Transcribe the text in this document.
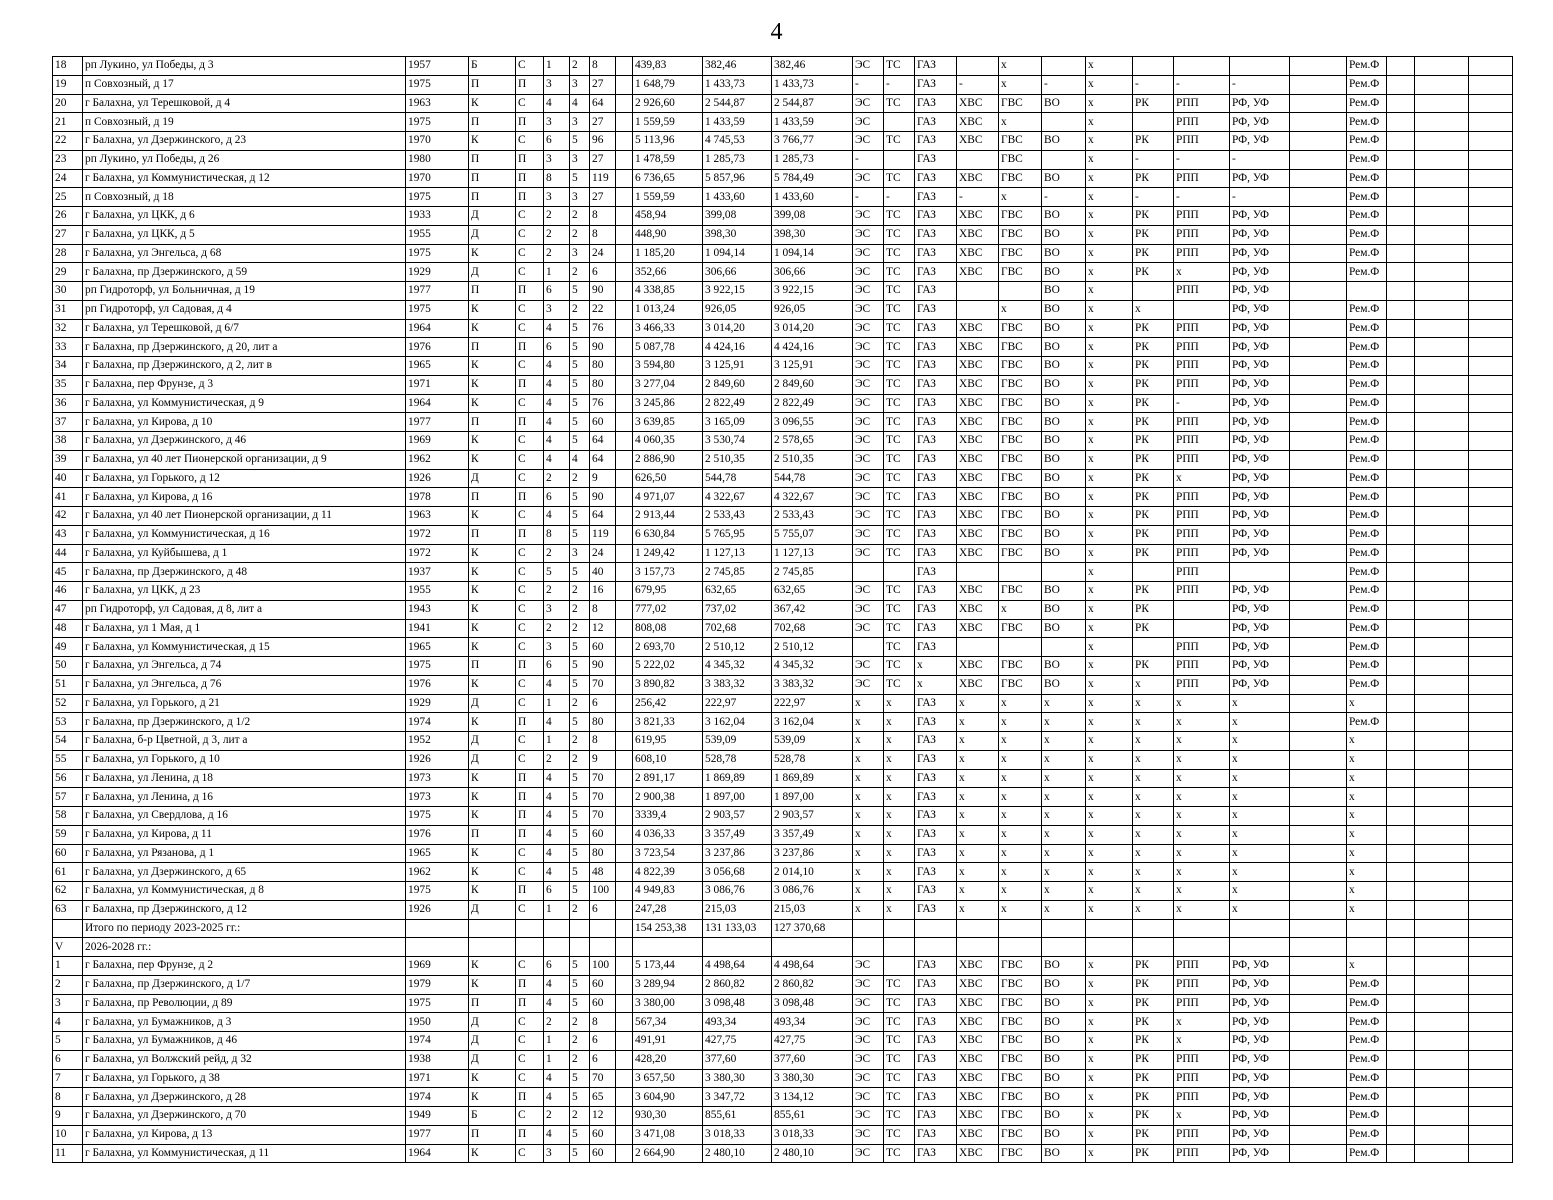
4
18	рп Лукино, ул Победы, д 3	1957	Б	С	1	2	8		439,83	382,46	382,46	ЭС	ТС	ГАЗ		х		х					Рем.Ф			
19	п Совхозный, д 17	1975	П	П	3	3	27		1 648,79	1 433,73	1 433,73	-	-	ГАЗ	-	х	-	х	-	-	-		Рем.Ф			
20	г Балахна, ул Терешковой, д 4	1963	К	С	4	4	64		2 926,60	2 544,87	2 544,87	ЭС	ТС	ГАЗ	ХВС	ГВС	ВО	х	РК	РПП	РФ, УФ		Рем.Ф			
21	п Совхозный, д 19	1975	П	П	3	3	27		1 559,59	1 433,59	1 433,59	ЭС		ГАЗ	ХВС	х		х		РПП	РФ, УФ		Рем.Ф			
22	г Балахна, ул Дзержинского, д 23	1970	К	С	6	5	96		5 113,96	4 745,53	3 766,77	ЭС	ТС	ГАЗ	ХВС	ГВС	ВО	х	РК	РПП	РФ, УФ		Рем.Ф			
23	рп Лукино, ул Победы, д 26	1980	П	П	3	3	27		1 478,59	1 285,73	1 285,73	-		ГАЗ		ГВС		х	-	-	-		Рем.Ф			
24	г Балахна, ул Коммунистическая, д 12	1970	П	П	8	5	119		6 736,65	5 857,96	5 784,49	ЭС	ТС	ГАЗ	ХВС	ГВС	ВО	х	РК	РПП	РФ, УФ		Рем.Ф			
25	п Совхозный, д 18	1975	П	П	3	3	27		1 559,59	1 433,60	1 433,60	-	-	ГАЗ	-	х	-	х	-	-	-		Рем.Ф			
26	г Балахна, ул ЦКК, д 6	1933	Д	С	2	2	8		458,94	399,08	399,08	ЭС	ТС	ГАЗ	ХВС	ГВС	ВО	х	РК	РПП	РФ, УФ		Рем.Ф			
27	г Балахна, ул ЦКК, д 5	1955	Д	С	2	2	8		448,90	398,30	398,30	ЭС	ТС	ГАЗ	ХВС	ГВС	ВО	х	РК	РПП	РФ, УФ		Рем.Ф			
28	г Балахна, ул Энгельса, д 68	1975	К	С	2	3	24		1 185,20	1 094,14	1 094,14	ЭС	ТС	ГАЗ	ХВС	ГВС	ВО	х	РК	РПП	РФ, УФ		Рем.Ф			
29	г Балахна, пр Дзержинского, д 59	1929	Д	С	1	2	6		352,66	306,66	306,66	ЭС	ТС	ГАЗ	ХВС	ГВС	ВО	х	РК	х	РФ, УФ		Рем.Ф			
30	рп Гидроторф, ул Больничная, д 19	1977	П	П	6	5	90		4 338,85	3 922,15	3 922,15	ЭС	ТС	ГАЗ			ВО	х		РПП	РФ, УФ					
31	рп Гидроторф, ул Садовая, д 4	1975	К	С	3	2	22		1 013,24	926,05	926,05	ЭС	ТС	ГАЗ		х	ВО	х	х		РФ, УФ		Рем.Ф			
32	г Балахна, ул Терешковой, д 6/7	1964	К	С	4	5	76		3 466,33	3 014,20	3 014,20	ЭС	ТС	ГАЗ	ХВС	ГВС	ВО	х	РК	РПП	РФ, УФ		Рем.Ф			
33	г Балахна, пр Дзержинского, д 20, лит а	1976	П	П	6	5	90		5 087,78	4 424,16	4 424,16	ЭС	ТС	ГАЗ	ХВС	ГВС	ВО	х	РК	РПП	РФ, УФ		Рем.Ф			
34	г Балахна, пр Дзержинского, д 2, лит в	1965	К	С	4	5	80		3 594,80	3 125,91	3 125,91	ЭС	ТС	ГАЗ	ХВС	ГВС	ВО	х	РК	РПП	РФ, УФ		Рем.Ф			
35	г Балахна, пер Фрунзе, д 3	1971	К	П	4	5	80		3 277,04	2 849,60	2 849,60	ЭС	ТС	ГАЗ	ХВС	ГВС	ВО	х	РК	РПП	РФ, УФ		Рем.Ф			
36	г Балахна, ул Коммунистическая, д 9	1964	К	С	4	5	76		3 245,86	2 822,49	2 822,49	ЭС	ТС	ГАЗ	ХВС	ГВС	ВО	х	РК	-	РФ, УФ		Рем.Ф			
37	г Балахна, ул Кирова, д 10	1977	П	П	4	5	60		3 639,85	3 165,09	3 096,55	ЭС	ТС	ГАЗ	ХВС	ГВС	ВО	х	РК	РПП	РФ, УФ		Рем.Ф			
38	г Балахна, ул Дзержинского, д 46	1969	К	С	4	5	64		4 060,35	3 530,74	2 578,65	ЭС	ТС	ГАЗ	ХВС	ГВС	ВО	х	РК	РПП	РФ, УФ		Рем.Ф			
39	г Балахна, ул 40 лет Пионерской организации, д 9	1962	К	С	4	4	64		2 886,90	2 510,35	2 510,35	ЭС	ТС	ГАЗ	ХВС	ГВС	ВО	х	РК	РПП	РФ, УФ		Рем.Ф			
40	г Балахна, ул Горького, д 12	1926	Д	С	2	2	9		626,50	544,78	544,78	ЭС	ТС	ГАЗ	ХВС	ГВС	ВО	х	РК	х	РФ, УФ		Рем.Ф			
41	г Балахна, ул Кирова, д 16	1978	П	П	6	5	90		4 971,07	4 322,67	4 322,67	ЭС	ТС	ГАЗ	ХВС	ГВС	ВО	х	РК	РПП	РФ, УФ		Рем.Ф			
42	г Балахна, ул 40 лет Пионерской организации, д 11	1963	К	С	4	5	64		2 913,44	2 533,43	2 533,43	ЭС	ТС	ГАЗ	ХВС	ГВС	ВО	х	РК	РПП	РФ, УФ		Рем.Ф			
43	г Балахна, ул Коммунистическая, д 16	1972	П	П	8	5	119		6 630,84	5 765,95	5 755,07	ЭС	ТС	ГАЗ	ХВС	ГВС	ВО	х	РК	РПП	РФ, УФ		Рем.Ф			
44	г Балахна, ул Куйбышева, д 1	1972	К	С	2	3	24		1 249,42	1 127,13	1 127,13	ЭС	ТС	ГАЗ	ХВС	ГВС	ВО	х	РК	РПП	РФ, УФ		Рем.Ф			
45	г Балахна, пр Дзержинского, д 48	1937	К	С	5	5	40		3 157,73	2 745,85	2 745,85			ГАЗ				х		РПП			Рем.Ф			
46	г Балахна, ул ЦКК, д 23	1955	К	С	2	2	16		679,95	632,65	632,65	ЭС	ТС	ГАЗ	ХВС	ГВС	ВО	х	РК	РПП	РФ, УФ		Рем.Ф			
47	рп Гидроторф, ул Садовая, д 8, лит а	1943	К	С	3	2	8		777,02	737,02	367,42	ЭС	ТС	ГАЗ	ХВС	х	ВО	х	РК		РФ, УФ		Рем.Ф			
48	г Балахна, ул 1 Мая, д 1	1941	К	С	2	2	12		808,08	702,68	702,68	ЭС	ТС	ГАЗ	ХВС	ГВС	ВО	х	РК		РФ, УФ		Рем.Ф			
49	г Балахна, ул Коммунистическая, д 15	1965	К	С	3	5	60		2 693,70	2 510,12	2 510,12		ТС	ГАЗ				х		РПП	РФ, УФ		Рем.Ф			
50	г Балахна, ул Энгельса, д 74	1975	П	П	6	5	90		5 222,02	4 345,32	4 345,32	ЭС	ТС	х	ХВС	ГВС	ВО	х	РК	РПП	РФ, УФ		Рем.Ф			
51	г Балахна, ул Энгельса, д 76	1976	К	С	4	5	70		3 890,82	3 383,32	3 383,32	ЭС	ТС	х	ХВС	ГВС	ВО	х	х	РПП	РФ, УФ		Рем.Ф			
52	г Балахна, ул Горького, д 21	1929	Д	С	1	2	6		256,42	222,97	222,97	х	х	ГАЗ	х	х	х	х	х	х	х		х			
53	г Балахна, пр Дзержинского, д 1/2	1974	К	П	4	5	80		3 821,33	3 162,04	3 162,04	х	х	ГАЗ	х	х	х	х	х	х	х		Рем.Ф			
54	г Балахна, б-р Цветной, д 3, лит а	1952	Д	С	1	2	8		619,95	539,09	539,09	х	х	ГАЗ	х	х	х	х	х	х	х		х			
55	г Балахна, ул Горького, д 10	1926	Д	С	2	2	9		608,10	528,78	528,78	х	х	ГАЗ	х	х	х	х	х	х	х		х			
56	г Балахна, ул Ленина, д 18	1973	К	П	4	5	70		2 891,17	1 869,89	1 869,89	х	х	ГАЗ	х	х	х	х	х	х	х		х			
57	г Балахна, ул Ленина, д 16	1973	К	П	4	5	70		2 900,38	1 897,00	1 897,00	х	х	ГАЗ	х	х	х	х	х	х	х		х			
58	г Балахна, ул Свердлова, д 16	1975	К	П	4	5	70		3339,4	2 903,57	2 903,57	х	х	ГАЗ	х	х	х	х	х	х	х		х			
59	г Балахна, ул Кирова, д 11	1976	П	П	4	5	60		4 036,33	3 357,49	3 357,49	х	х	ГАЗ	х	х	х	х	х	х	х		х			
60	г Балахна, ул Рязанова, д 1	1965	К	С	4	5	80		3 723,54	3 237,86	3 237,86	х	х	ГАЗ	х	х	х	х	х	х	х		х			
61	г Балахна, ул Дзержинского, д 65	1962	К	С	4	5	48		4 822,39	3 056,68	2 014,10	х	х	ГАЗ	х	х	х	х	х	х	х		х			
62	г Балахна, ул Коммунистическая, д 8	1975	К	П	6	5	100		4 949,83	3 086,76	3 086,76	х	х	ГАЗ	х	х	х	х	х	х	х		х			
63	г Балахна, пр Дзержинского, д 12	1926	Д	С	1	2	6		247,28	215,03	215,03	х	х	ГАЗ	х	х	х	х	х	х	х		х			
	Итого по периоду 2023-2025 гг.:								154 253,38	131 133,03	127 370,68															
V	2026-2028 гг.:																									
1	г Балахна, пер Фрунзе, д 2	1969	К	С	6	5	100		5 173,44	4 498,64	4 498,64	ЭС		ГАЗ	ХВС	ГВС	ВО	х	РК	РПП	РФ, УФ		х			
2	г Балахна, пр Дзержинского, д 1/7	1979	К	П	4	5	60		3 289,94	2 860,82	2 860,82	ЭС	ТС	ГАЗ	ХВС	ГВС	ВО	х	РК	РПП	РФ, УФ		Рем.Ф			
3	г Балахна, пр Революции, д 89	1975	П	П	4	5	60		3 380,00	3 098,48	3 098,48	ЭС	ТС	ГАЗ	ХВС	ГВС	ВО	х	РК	РПП	РФ, УФ		Рем.Ф			
4	г Балахна, ул Бумажников, д 3	1950	Д	С	2	2	8		567,34	493,34	493,34	ЭС	ТС	ГАЗ	ХВС	ГВС	ВО	х	РК	х	РФ, УФ		Рем.Ф			
5	г Балахна, ул Бумажников, д 46	1974	Д	С	1	2	6		491,91	427,75	427,75	ЭС	ТС	ГАЗ	ХВС	ГВС	ВО	х	РК	х	РФ, УФ		Рем.Ф			
6	г Балахна, ул Волжский рейд, д 32	1938	Д	С	1	2	6		428,20	377,60	377,60	ЭС	ТС	ГАЗ	ХВС	ГВС	ВО	х	РК	РПП	РФ, УФ		Рем.Ф			
7	г Балахна, ул Горького, д 38	1971	К	С	4	5	70		3 657,50	3 380,30	3 380,30	ЭС	ТС	ГАЗ	ХВС	ГВС	ВО	х	РК	РПП	РФ, УФ		Рем.Ф			
8	г Балахна, ул Дзержинского, д 28	1974	К	П	4	5	65		3 604,90	3 347,72	3 134,12	ЭС	ТС	ГАЗ	ХВС	ГВС	ВО	х	РК	РПП	РФ, УФ		Рем.Ф			
9	г Балахна, ул Дзержинского, д 70	1949	Б	С	2	2	12		930,30	855,61	855,61	ЭС	ТС	ГАЗ	ХВС	ГВС	ВО	х	РК	х	РФ, УФ		Рем.Ф			
10	г Балахна, ул Кирова, д 13	1977	П	П	4	5	60		3 471,08	3 018,33	3 018,33	ЭС	ТС	ГАЗ	ХВС	ГВС	ВО	х	РК	РПП	РФ, УФ		Рем.Ф			
11	г Балахна, ул Коммунистическая, д 11	1964	К	С	3	5	60		2 664,90	2 480,10	2 480,10	ЭС	ТС	ГАЗ	ХВС	ГВС	ВО	х	РК	РПП	РФ, УФ		Рем.Ф			
